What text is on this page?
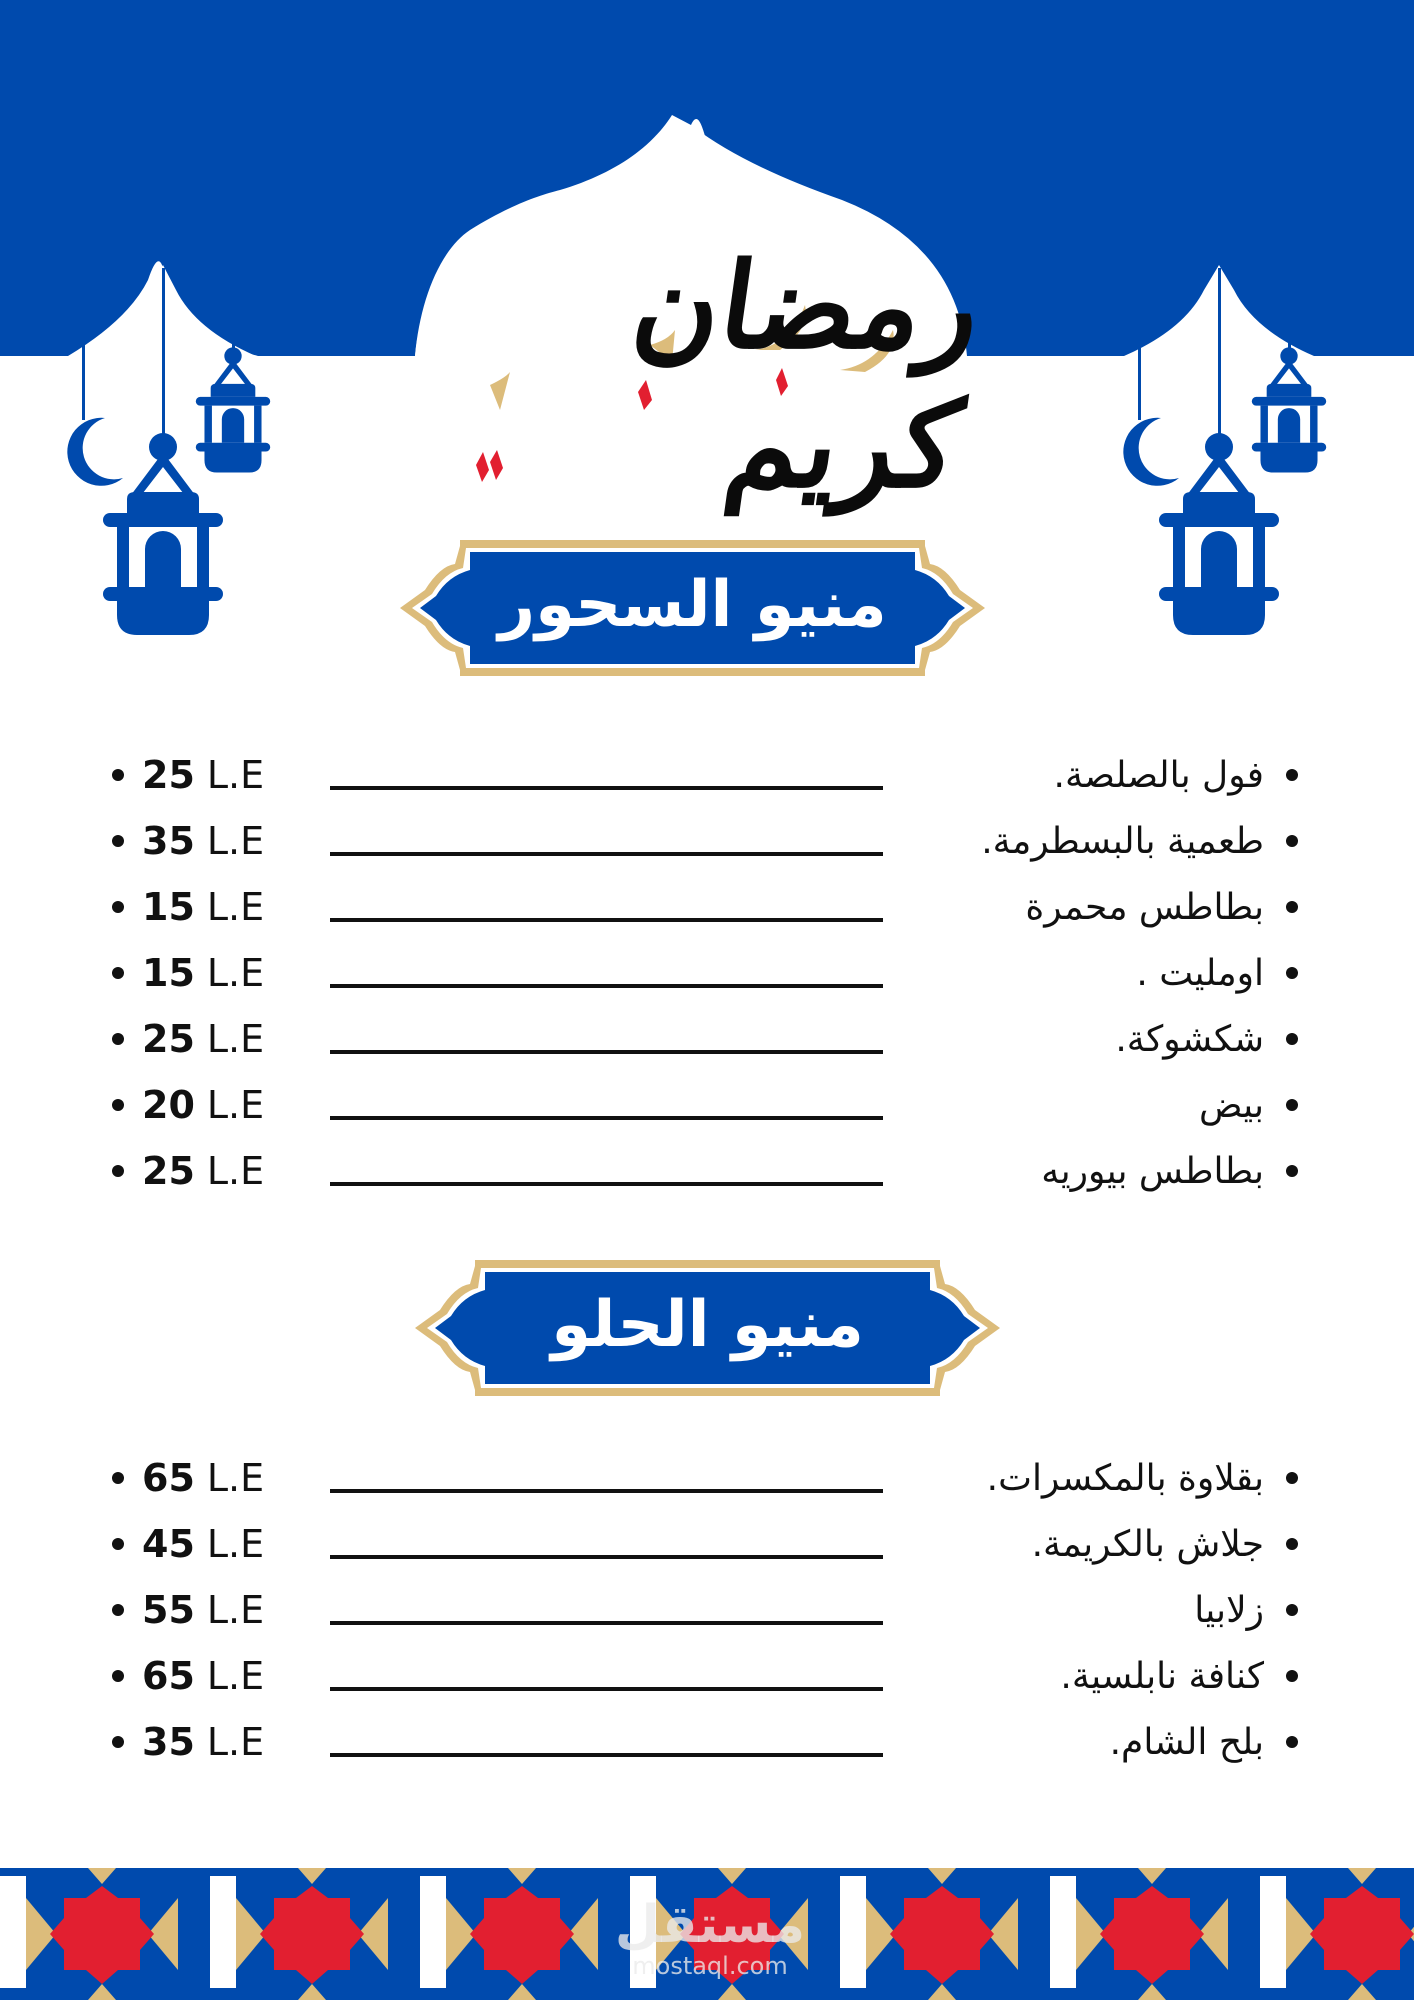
رمضان كريم
منيو السحور
25 L.E	فول بالصلصة.
35 L.E	طعمية بالبسطرمة.
15 L.E	بطاطس محمرة
15 L.E	اومليت .
25 L.E	شكشوكة.
20 L.E	بيض
25 L.E	بطاطس بيوريه
منيو الحلو
65 L.E	بقلاوة بالمكسرات.
45 L.E	جلاش بالكريمة.
55 L.E	زلابيا
65 L.E	كنافة نابلسية.
35 L.E	بلح الشام.
مستقل
mostaql.com
